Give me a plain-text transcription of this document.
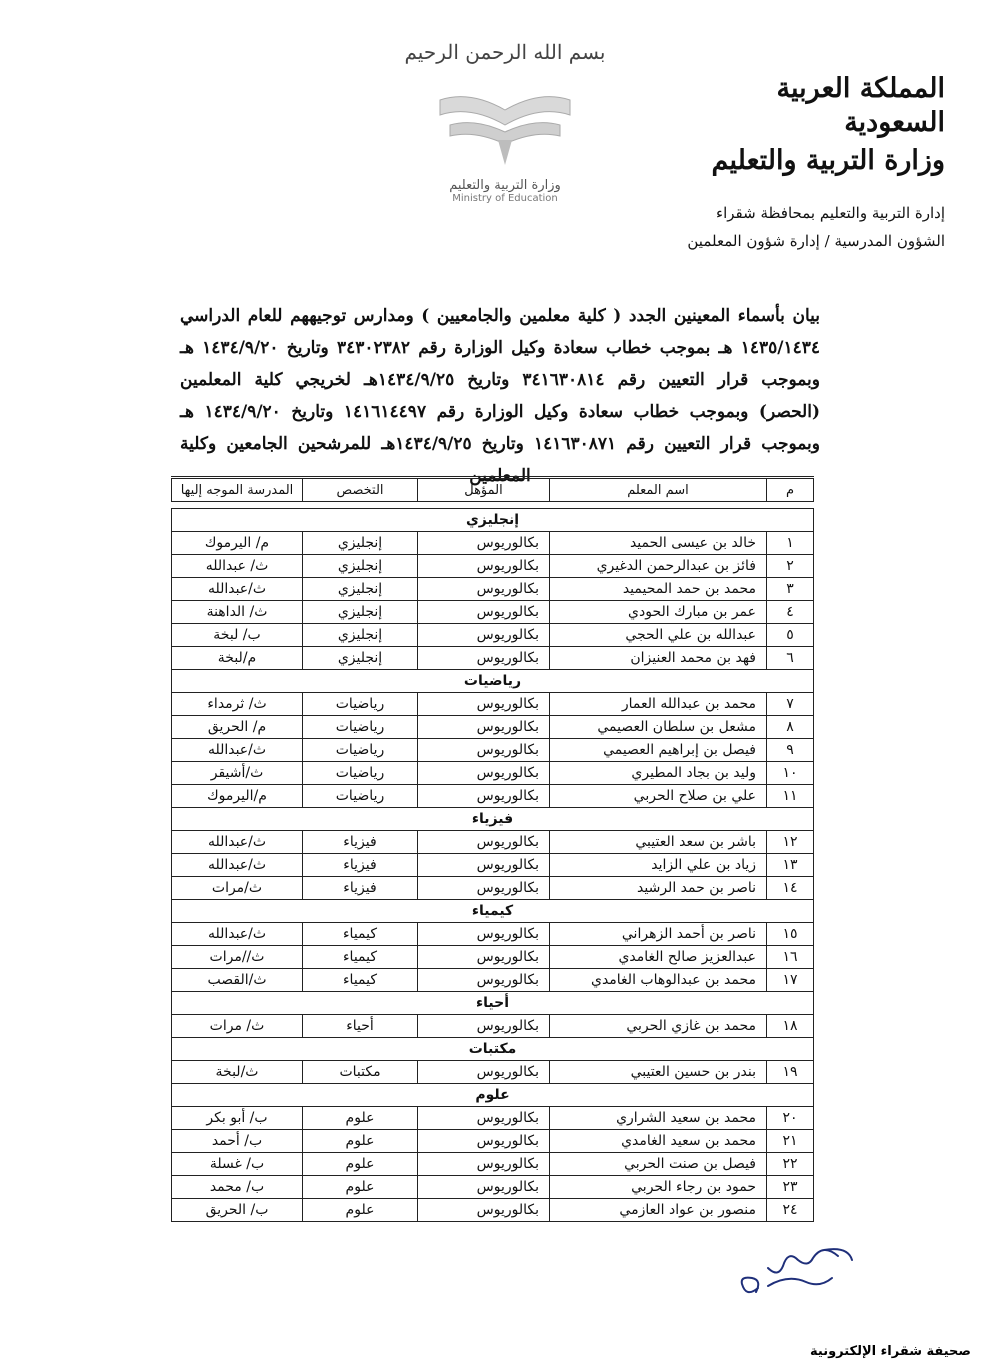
المملكة العربية السعودية
وزارة التربية والتعليم
إدارة التربية والتعليم بمحافظة شقراء
الشؤون المدرسية / إدارة شؤون المعلمين
بسم الله الرحمن الرحيم
وزارة التربية والتعليم
Ministry of Education
بيان بأسماء المعينين الجدد ( كلية معلمين والجامعيين ) ومدارس توجيههم للعام الدراسي ١٤٣٥/١٤٣٤ هـ بموجب خطاب سعادة وكيل الوزارة رقم ٣٤٣٠٢٣٨٢ وتاريخ ١٤٣٤/٩/٢٠ هـ وبموجب قرار التعيين رقم ٣٤١٦٣٠٨١٤ وتاريخ ١٤٣٤/٩/٢٥هـ لخريجي كلية المعلمين (الحصر) وبموجب خطاب سعادة وكيل الوزارة رقم ١٤١٦١٤٤٩٧ وتاريخ ١٤٣٤/٩/٢٠ هـ وبموجب قرار التعيين رقم ١٤١٦٣٠٨٧١ وتاريخ ١٤٣٤/٩/٢٥هـ للمرشحين الجامعين وكلية المعلمين
م	اسم المعلم	المؤهل	التخصص	المدرسة الموجه إليها

إنجليزي				
١	خالد بن عيسى الحميد	بكالوريوس	إنجليزي	م/ اليرموك
٢	فائز بن عبدالرحمن الدغيري	بكالوريوس	إنجليزي	ث/ عبدالله
٣	محمد بن حمد المحيميد	بكالوريوس	إنجليزي	ث/عبدالله
٤	عمر بن مبارك الحودي	بكالوريوس	إنجليزي	ث/ الداهنة
٥	عبدالله بن علي الحجي	بكالوريوس	إنجليزي	ب/ لبخة
٦	فهد بن محمد العنيزان	بكالوريوس	إنجليزي	م/لبخة
رياضيات				
٧	محمد بن عبدالله العمار	بكالوريوس	رياضيات	ث/ ثرمداء
٨	مشعل بن سلطان العصيمي	بكالوريوس	رياضيات	م/ الحريق
٩	فيصل بن إبراهيم العصيمي	بكالوريوس	رياضيات	ث/عبدالله
١٠	وليد بن بجاد المطيري	بكالوريوس	رياضيات	ث/أشيقر
١١	علي بن صلاح الحربي	بكالوريوس	رياضيات	م/اليرموك
فيزياء				
١٢	باشر بن سعد العتيبي	بكالوريوس	فيزياء	ث/عبدالله
١٣	زياد بن علي الزايد	بكالوريوس	فيزياء	ث/عبدالله
١٤	ناصر بن حمد الرشيد	بكالوريوس	فيزياء	ث/مرات
كيمياء				
١٥	ناصر بن أحمد الزهراني	بكالوريوس	كيمياء	ث/عبدالله
١٦	عبدالعزيز صالح الغامدي	بكالوريوس	كيمياء	ث//مرات
١٧	محمد بن عبدالوهاب الغامدي	بكالوريوس	كيمياء	ث/القصب
أحياء				
١٨	محمد بن غازي الحربي	بكالوريوس	أحياء	ث/ مرات
مكتبات				
١٩	بندر بن حسين العتيبي	بكالوريوس	مكتبات	ث/لبخة
علوم				
٢٠	محمد بن سعيد الشراري	بكالوريوس	علوم	ب/ أبو بكر
٢١	محمد بن سعيد الغامدي	بكالوريوس	علوم	ب/ أحمد
٢٢	فيصل بن صنت الحربي	بكالوريوس	علوم	ب/ غسلة
٢٣	حمود بن رجاء الحربي	بكالوريوس	علوم	ب/ محمد
٢٤	منصور بن عواد العازمي	بكالوريوس	علوم	ب/ الحريق
صحيفة شقراء الإلكترونية
